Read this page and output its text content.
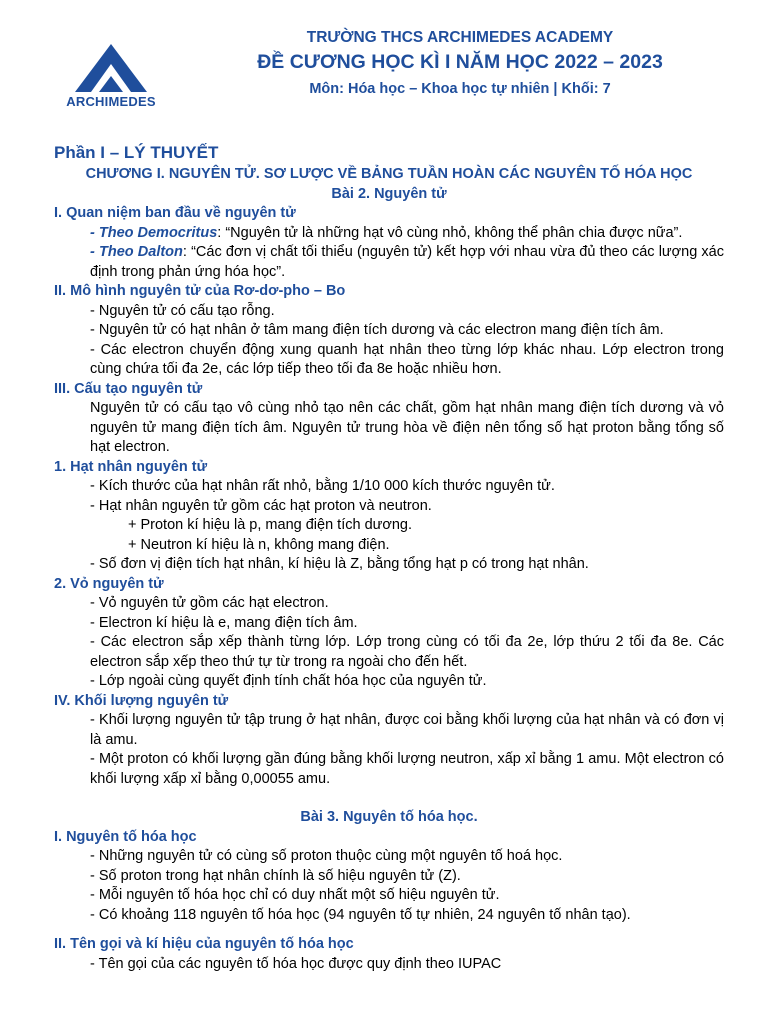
ARCHIMEDES
TRƯỜNG THCS ARCHIMEDES ACADEMY
ĐỀ CƯƠNG HỌC KÌ I NĂM HỌC 2022 – 2023
Môn: Hóa học – Khoa học tự nhiên | Khối: 7
Phần I – LÝ THUYẾT
CHƯƠNG I. NGUYÊN TỬ. SƠ LƯỢC VỀ BẢNG TUẦN HOÀN CÁC NGUYÊN TỐ HÓA HỌC
Bài 2. Nguyên tử
I. Quan niệm ban đầu về nguyên tử
- Theo Democritus: “Nguyên tử là những hạt vô cùng nhỏ, không thể phân chia được nữa”.
- Theo Dalton: “Các đơn vị chất tối thiểu (nguyên tử) kết hợp với nhau vừa đủ theo các lượng xác định trong phản ứng hóa học”.
II. Mô hình nguyên tử của Rơ-dơ-pho – Bo
- Nguyên tử có cấu tạo rỗng.
- Nguyên tử có hạt nhân ở tâm mang điện tích dương và các electron mang điện tích âm.
- Các electron chuyển động xung quanh hạt nhân theo từng lớp khác nhau. Lớp electron trong cùng chứa tối đa 2e, các lớp tiếp theo tối đa 8e hoặc nhiều hơn.
III. Cấu tạo nguyên tử
Nguyên tử có cấu tạo vô cùng nhỏ tạo nên các chất, gồm hạt nhân mang điện tích dương và vỏ nguyên tử mang điện tích âm. Nguyên tử trung hòa về điện nên tổng số hạt proton bằng tổng số hạt electron.
1. Hạt nhân nguyên tử
- Kích thước của hạt nhân rất nhỏ, bằng 1/10 000 kích thước nguyên tử.
- Hạt nhân nguyên tử gồm các hạt proton và neutron.
+ Proton kí hiệu là p, mang điện tích dương.
+ Neutron kí hiệu là n, không mang điện.
- Số đơn vị điện tích hạt nhân, kí hiệu là Z, bằng tổng hạt p có trong hạt nhân.
2. Vỏ nguyên tử
- Vỏ nguyên tử gồm các hạt electron.
- Electron kí hiệu là e, mang điện tích âm.
- Các electron sắp xếp thành từng lớp. Lớp trong cùng có tối đa 2e, lớp thứu 2 tối đa 8e. Các electron sắp xếp theo thứ tự từ trong ra ngoài cho đến hết.
- Lớp ngoài cùng quyết định tính chất hóa học của nguyên tử.
IV. Khối lượng nguyên tử
- Khối lượng nguyên tử tập trung ở hạt nhân, được coi bằng khối lượng của hạt nhân và có đơn vị là amu.
- Một proton có khối lượng gần đúng bằng khối lượng neutron, xấp xỉ bằng 1 amu. Một electron có khối lượng xấp xỉ bằng 0,00055 amu.
Bài 3. Nguyên tố hóa học.
I. Nguyên tố hóa học
- Những nguyên tử có cùng số proton thuộc cùng một nguyên tố hoá học.
- Số proton trong hạt nhân chính là số hiệu nguyên tử (Z).
- Mỗi nguyên tố hóa học chỉ có duy nhất một số hiệu nguyên tử.
- Có khoảng 118 nguyên tố hóa học (94 nguyên tố tự nhiên, 24 nguyên tố nhân tạo).
II. Tên gọi và kí hiệu của nguyên tố hóa học
- Tên gọi của các nguyên tố hóa học được quy định theo IUPAC
